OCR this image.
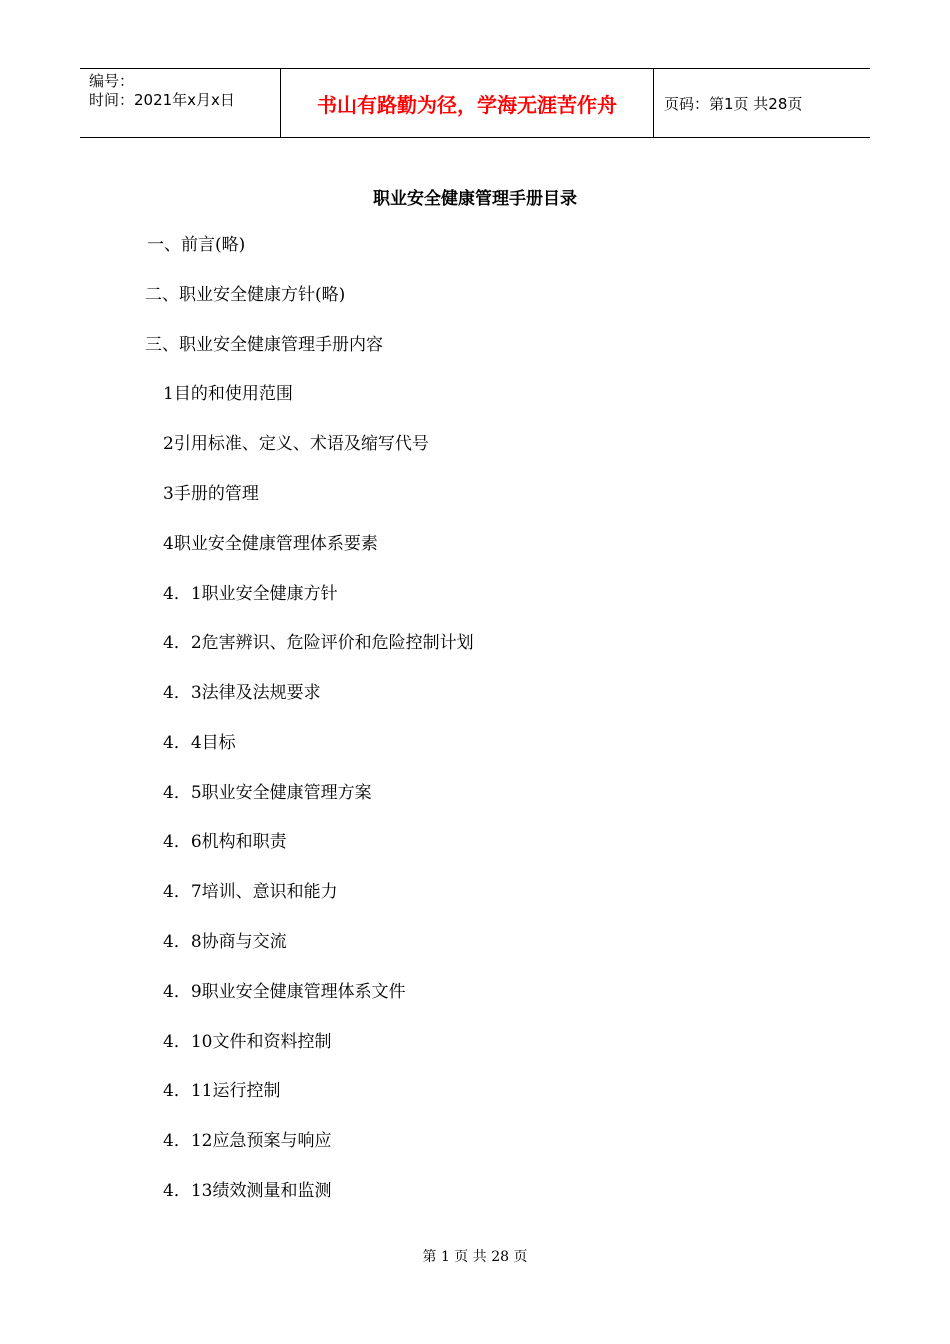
编号：
时间：2021年x月x日	书山有路勤为径，学海无涯苦作舟	页码：第1页 共28页
职业安全健康管理手册目录
一、前言(略)
二、职业安全健康方针(略)
三、职业安全健康管理手册内容
1目的和使用范围
2引用标准、定义、术语及缩写代号
3手册的管理
4职业安全健康管理体系要素
4．1职业安全健康方针
4．2危害辨识、危险评价和危险控制计划
4．3法律及法规要求
4．4目标
4．5职业安全健康管理方案
4．6机构和职责
4．7培训、意识和能力
4．8协商与交流
4．9职业安全健康管理体系文件
4．10文件和资料控制
4．11运行控制
4．12应急预案与响应
4．13绩效测量和监测
第 1 页 共 28 页
